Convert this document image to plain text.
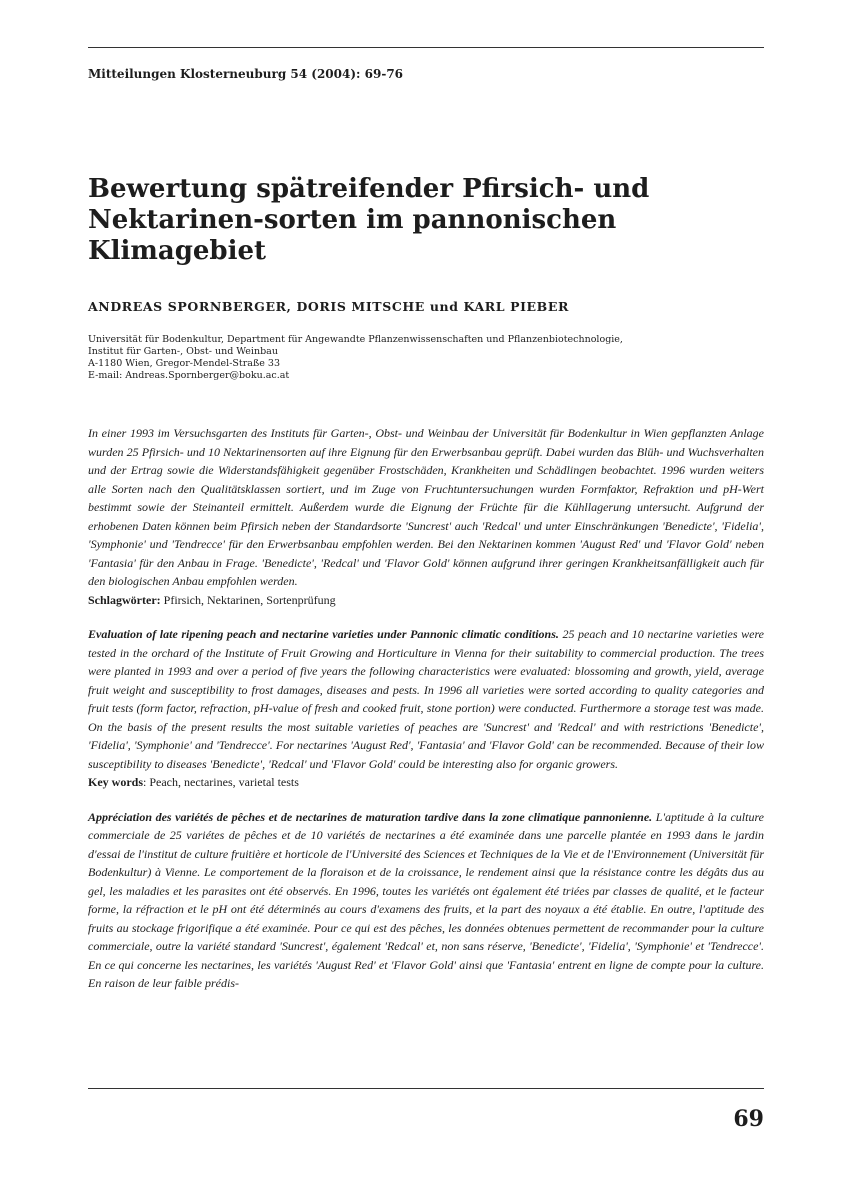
Mitteilungen Klosterneuburg 54 (2004): 69-76
Bewertung spätreifender Pfirsich- und Nektarinen-sorten im pannonischen Klimagebiet
ANDREAS SPORNBERGER, DORIS MITSCHE und KARL PIEBER
Universität für Bodenkultur, Department für Angewandte Pflanzenwissenschaften und Pflanzenbiotechnologie,
Institut für Garten-, Obst- und Weinbau
A-1180 Wien, Gregor-Mendel-Straße 33
E-mail: Andreas.Spornberger@boku.ac.at

In einer 1993 im Versuchsgarten des Instituts für Garten-, Obst- und Weinbau der Universität für Bodenkultur in Wien gepflanzten Anlage wurden 25 Pfirsich- und 10 Nektarinensorten auf ihre Eignung für den Erwerbsanbau geprüft. Dabei wurden das Blüh- und Wuchsverhalten und der Ertrag sowie die Widerstandsfähigkeit gegenüber Frostschäden, Krankheiten und Schädlingen beobachtet. 1996 wurden weiters alle Sorten nach den Qualitätsklassen sortiert, und im Zuge von Fruchtuntersuchungen wurden Formfaktor, Refraktion und pH-Wert bestimmt sowie der Steinanteil ermittelt. Außerdem wurde die Eignung der Früchte für die Kühllagerung untersucht. Aufgrund der erhobenen Daten können beim Pfirsich neben der Standardsorte 'Suncrest' auch 'Redcal' und unter Einschränkungen 'Benedicte', 'Fidelia', 'Symphonie' und 'Tendrecce' für den Erwerbsanbau empfohlen werden. Bei den Nektarinen kommen 'August Red' und 'Flavor Gold' neben 'Fantasia' für den Anbau in Frage. 'Benedicte', 'Redcal' und 'Flavor Gold' können aufgrund ihrer geringen Krankheitsanfälligkeit auch für den biologischen Anbau empfohlen werden.

Schlagwörter: Pfirsich, Nektarinen, Sortenprüfung

Evaluation of late ripening peach and nectarine varieties under Pannonic climatic conditions. 25 peach and 10 nectarine varieties were tested in the orchard of the Institute of Fruit Growing and Horticulture in Vienna for their suitability to commercial production. The trees were planted in 1993 and over a period of five years the following characteristics were evaluated: blossoming and growth, yield, average fruit weight and susceptibility to frost damages, diseases and pests. In 1996 all varieties were sorted according to quality categories and fruit tests (form factor, refraction, pH-value of fresh and cooked fruit, stone portion) were conducted. Furthermore a storage test was made. On the basis of the present results the most suitable varieties of peaches are 'Suncrest' and 'Redcal' and with restrictions 'Benedicte', 'Fidelia', 'Symphonie' and 'Tendrecce'. For nectarines 'August Red', 'Fantasia' and 'Flavor Gold' can be recommended. Because of their low susceptibility to diseases 'Benedicte', 'Redcal' und 'Flavor Gold' could be interesting also for organic growers.

Key words: Peach, nectarines, varietal tests

Appréciation des variétés de pêches et de nectarines de maturation tardive dans la zone climatique pannonienne. L'aptitude à la culture commerciale de 25 variétes de pêches et de 10 variétés de nectarines a été examinée dans une parcelle plantée en 1993 dans le jardin d'essai de l'institut de culture fruitière et horticole de l'Université des Sciences et Techniques de la Vie et de l'Environnement (Universität für Bodenkultur) à Vienne. Le comportement de la floraison et de la croissance, le rendement ainsi que la résistance contre les dégâts dus au gel, les maladies et les parasites ont été observés. En 1996, toutes les variétés ont également été triées par classes de qualité, et le facteur forme, la réfraction et le pH ont été déterminés au cours d'examens des fruits, et la part des noyaux a été établie. En outre, l'aptitude des fruits au stockage frigorifique a été examinée. Pour ce qui est des pêches, les données obtenues permettent de recommander pour la culture commerciale, outre la variété standard 'Suncrest', également 'Redcal' et, non sans réserve, 'Benedicte', 'Fidelia', 'Symphonie' et 'Tendrecce'. En ce qui concerne les nectarines, les variétés 'August Red' et 'Flavor Gold' ainsi que 'Fantasia' entrent en ligne de compte pour la culture. En raison de leur faible prédis-

69
